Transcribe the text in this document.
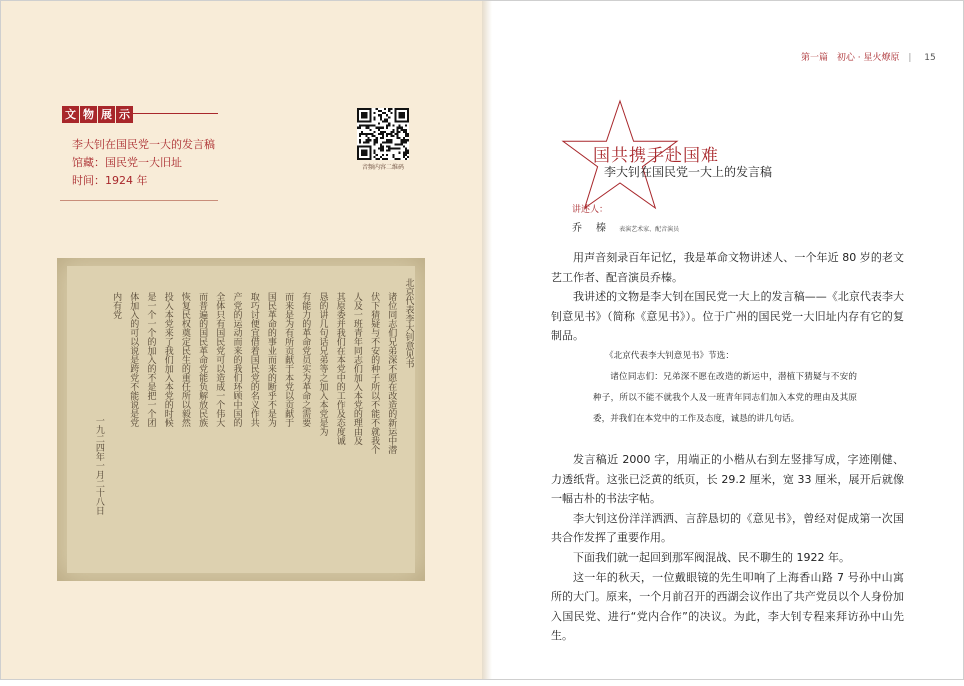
文 物 展 示
李大钊在国民党一大的发言稿
馆藏：国民党一大旧址
时间：1924 年
音频内容二维码
北京代表李大钊意见书
诸位同志们兄弟深不愿在改造的新运中潜
伏下猜疑与不安的种子所以不能不就我个
人及一班青年同志们加入本党的理由及
其原委并我们在本党中的工作及态度诚
恳的讲几句话兄弟等之加入本党是为
有能力的革命党员实为革命之需要
而来是为有所贡献于本党以贡献于
国民革命的事业而来的断乎不是为
取巧讨便宜借着国民党的名义作共
产党的运动而来的我们环顾中国的
全体只有国民党可以造成一个伟大
而普遍的国民革命党能负解放民族
恢复民权奠定民生的重任所以毅然
投入本党来了我们加入本党的时候
是一个一个的加入的不是把一个团
体加入的可以说是跨党不能说是党
内有党
一九二四年一月二十八日
第一篇 初心 · 星火燎原 | 15
国共携手赴国难
李大钊在国民党一大上的发言稿
讲述人：
乔　榛 表演艺术家、配音演员

用声音刻录百年记忆，我是革命文物讲述人、一个年近 80 岁的老文艺工作者、配音演员乔榛。

我讲述的文物是李大钊在国民党一大上的发言稿——《北京代表李大钊意见书》（简称《意见书》）。位于广州的国民党一大旧址内存有它的复制品。

《北京代表李大钊意见书》节选：

诸位同志们：兄弟深不愿在改造的新运中，潜植下猜疑与不安的种子，所以不能不就我个人及一班青年同志们加入本党的理由及其原委，并我们在本党中的工作及态度，诚恳的讲几句话。

发言稿近 2000 字，用端正的小楷从右到左竖排写成，字迹刚健、力透纸背。这张已泛黄的纸页，长 29.2 厘米，宽 33 厘米，展开后就像一幅古朴的书法字帖。

李大钊这份洋洋洒洒、言辞恳切的《意见书》，曾经对促成第一次国共合作发挥了重要作用。

下面我们就一起回到那军阀混战、民不聊生的 1922 年。

这一年的秋天，一位戴眼镜的先生叩响了上海香山路 7 号孙中山寓所的大门。原来，一个月前召开的西湖会议作出了共产党员以个人身份加入国民党、进行“党内合作”的决议。为此，李大钊专程来拜访孙中山先生。
